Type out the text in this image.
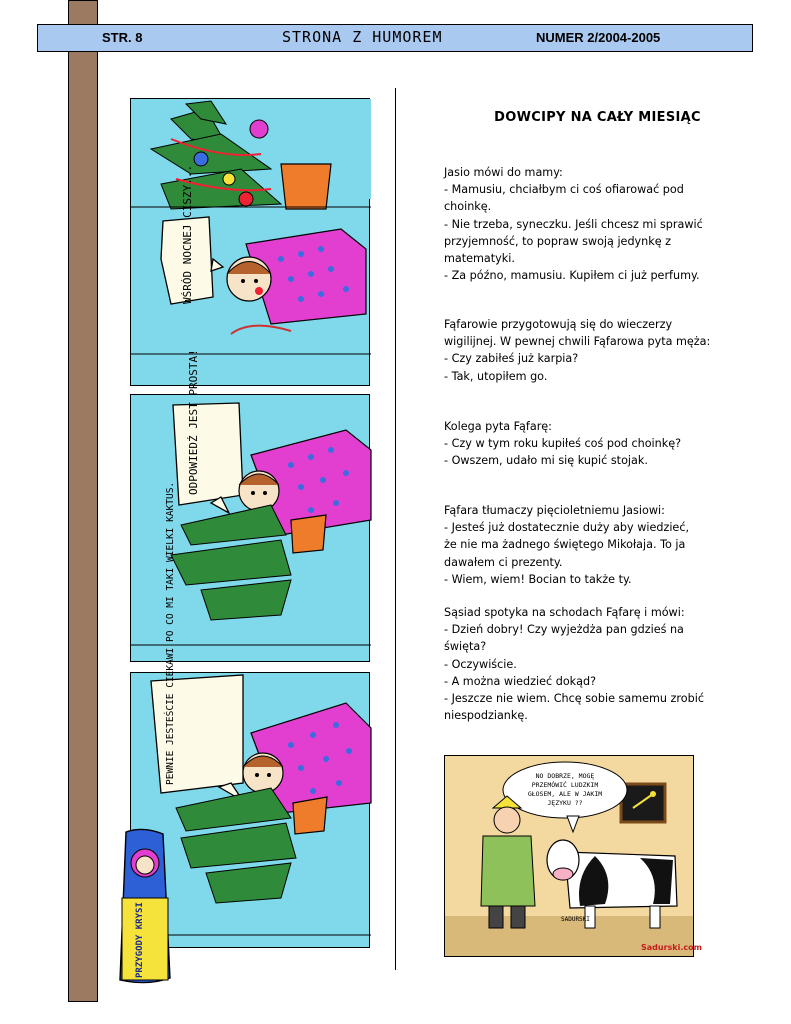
STR. 8	STRONA Z HUMOREM	NUMER 2/2004-2005
WŚRÓD NOCNEJ CISZY...
ODPOWIEDŹ JEST PROSTA!
PEWNIE JESTEŚCIE CIEKAWI PO CO MI TAKI WIELKI KAKTUS.
PRZYGODY KRYSI
DOWCIPY NA CAŁY MIESIĄC
Jasio mówi do mamy:
- Mamusiu, chciałbym ci coś ofiarować pod
choinkę.
- Nie trzeba, syneczku. Jeśli chcesz mi sprawić
przyjemność, to popraw swoją jedynkę z
matematyki.
- Za późno, mamusiu. Kupiłem ci już perfumy.
Fąfarowie przygotowują się do wieczerzy
wigilijnej. W pewnej chwili Fąfarowa pyta męża:
- Czy zabiłeś już karpia?
- Tak, utopiłem go.
Kolega pyta Fąfarę:
- Czy w tym roku kupiłeś coś pod choinkę?
- Owszem, udało mi się kupić stojak.
Fąfara tłumaczy pięcioletniemu Jasiowi:
- Jesteś już dostatecznie duży aby wiedzieć,
że nie ma żadnego świętego Mikołaja. To ja
dawałem ci prezenty.
- Wiem, wiem! Bocian to także ty.
Sąsiad spotyka na schodach Fąfarę i mówi:
- Dzień dobry! Czy wyjeżdża pan gdzieś na
święta?
- Oczywiście.
- A można wiedzieć dokąd?
- Jeszcze nie wiem. Chcę sobie samemu zrobić
niespodziankę.
NO DOBRZE, MOGĘ
PRZEMÓWIĆ LUDZKIM
GŁOSEM, ALE W JAKIM
JĘZYKU ??
SADURSKI
Sadurski.com
